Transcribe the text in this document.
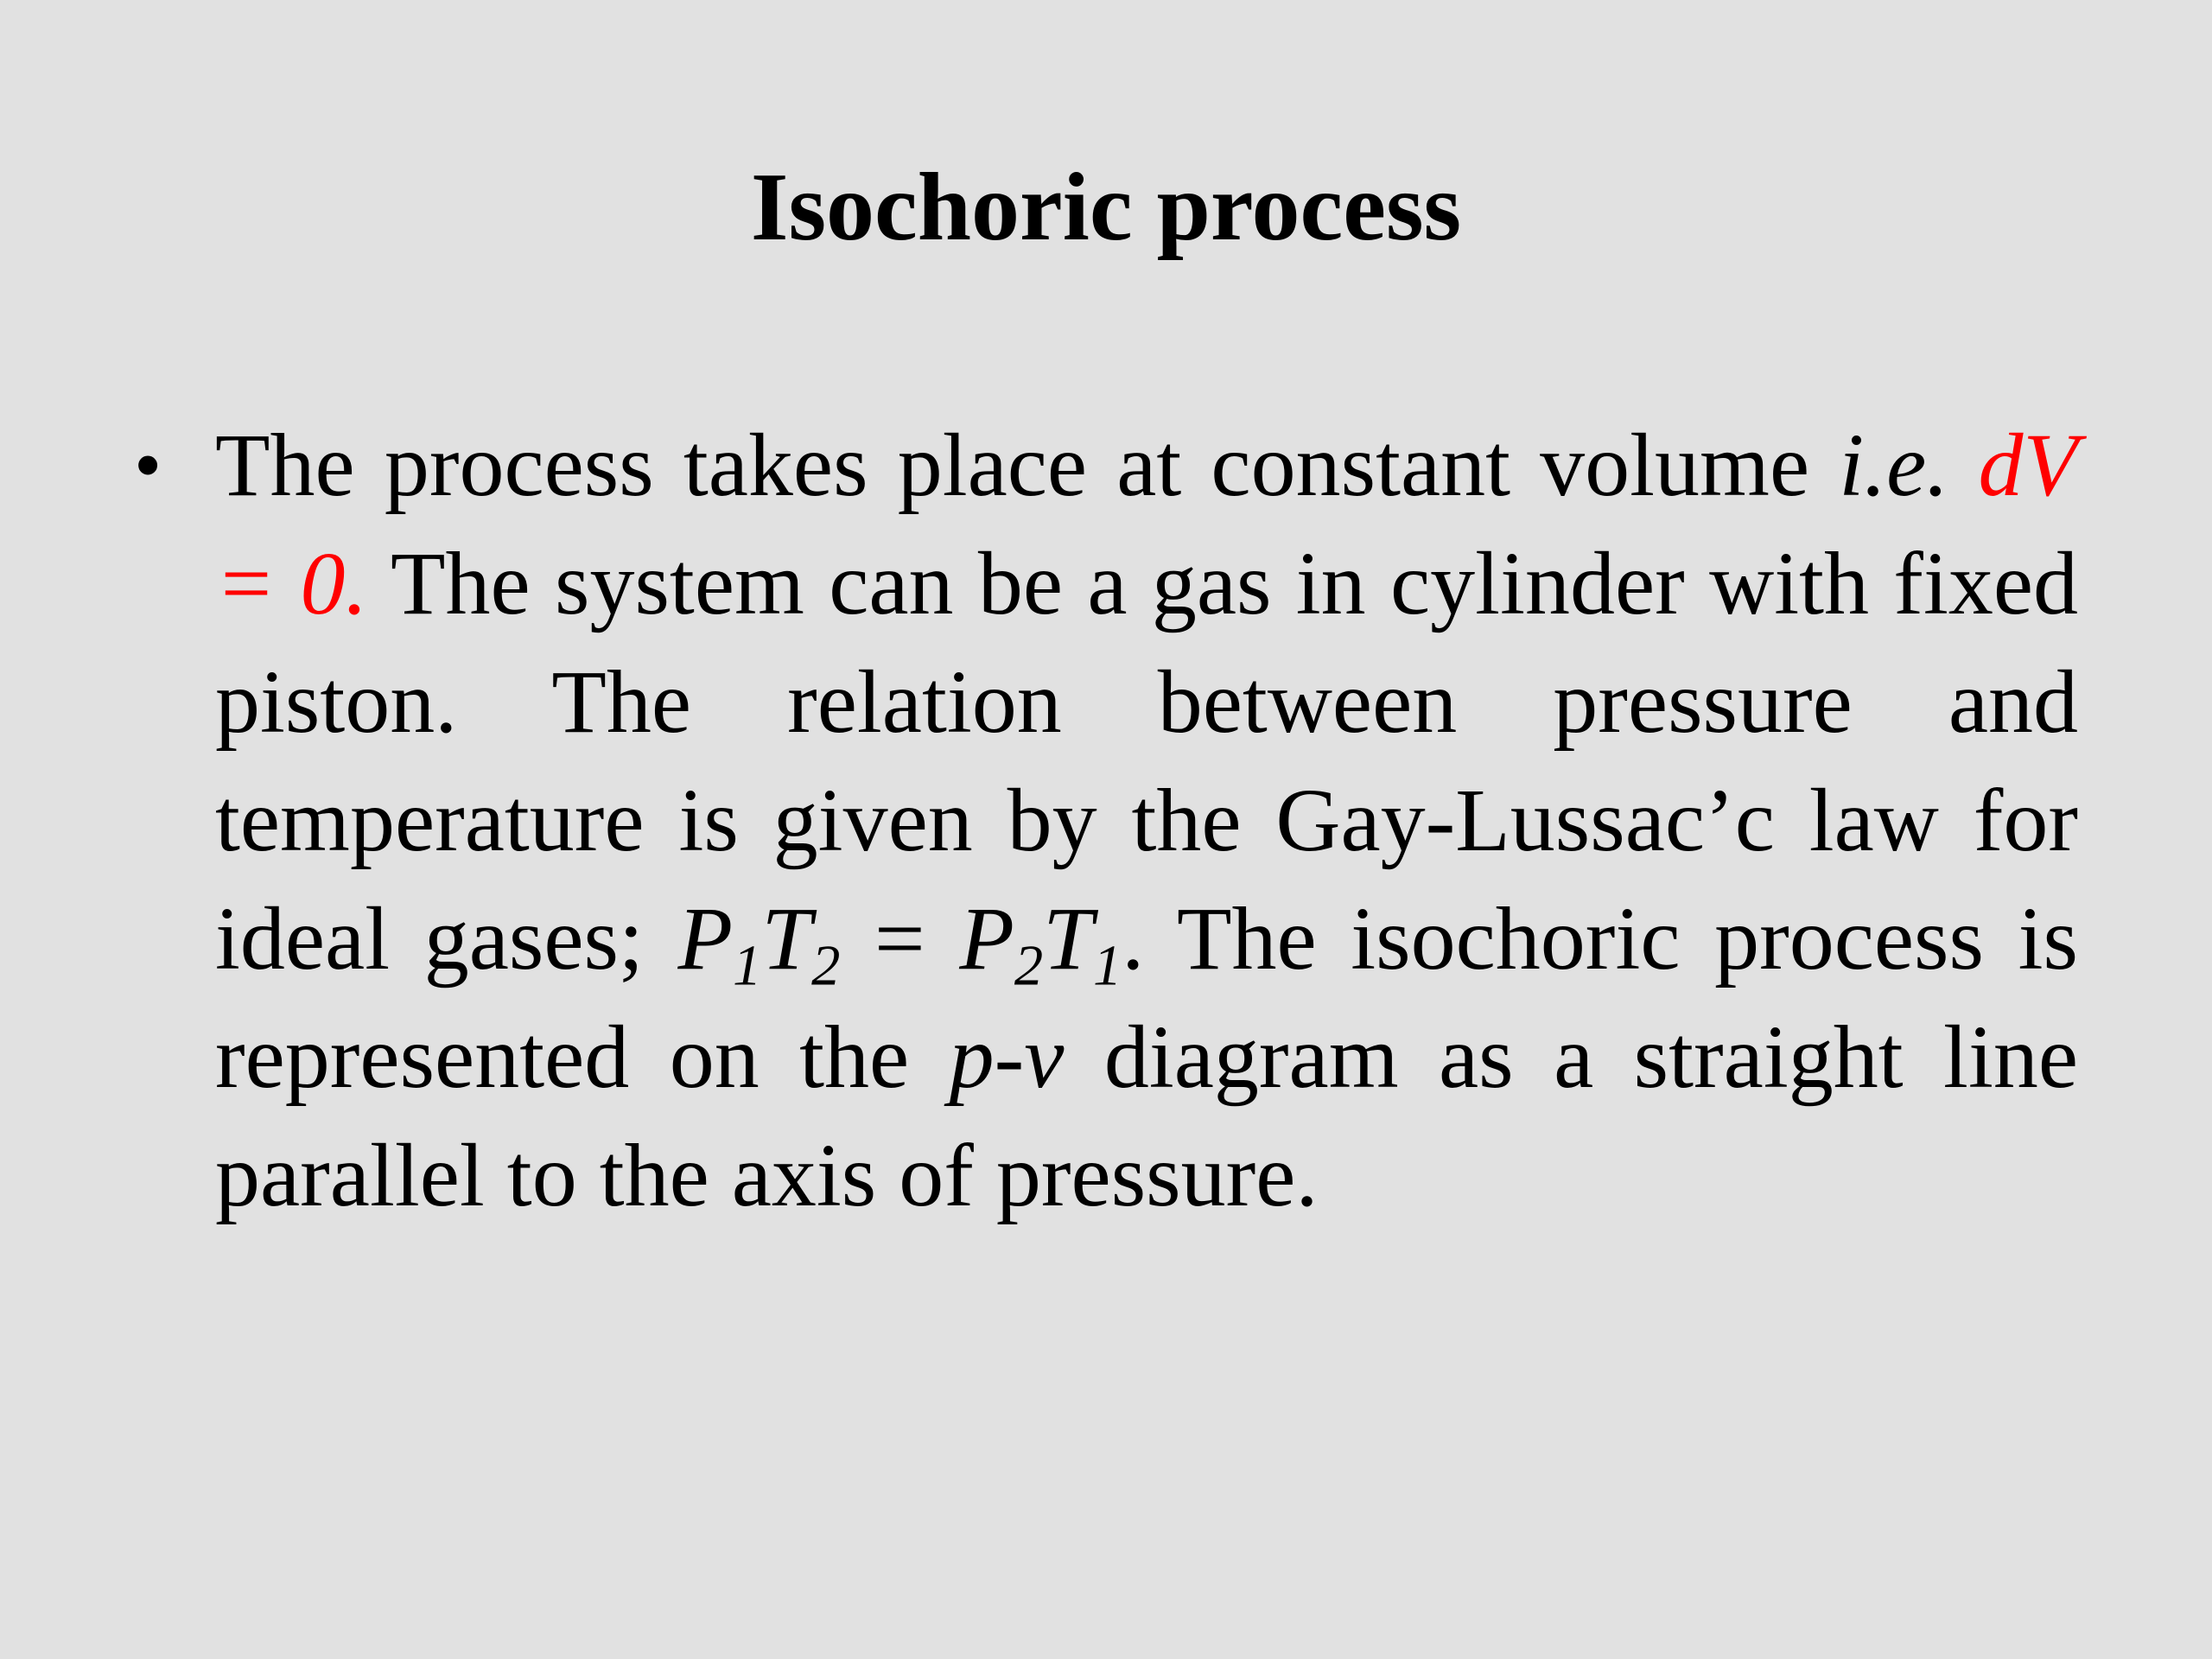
Isochoric process
• The process takes place at constant volume i.e. dV = 0. The system can be a gas in cylinder with fixed piston. The relation between pressure and temperature is given by the Gay-Lussac’c law for ideal gases; $P_1T_2 = P_2T_1$. The isochoric process is represented on the p-v diagram as a straight line parallel to the axis of pressure.
